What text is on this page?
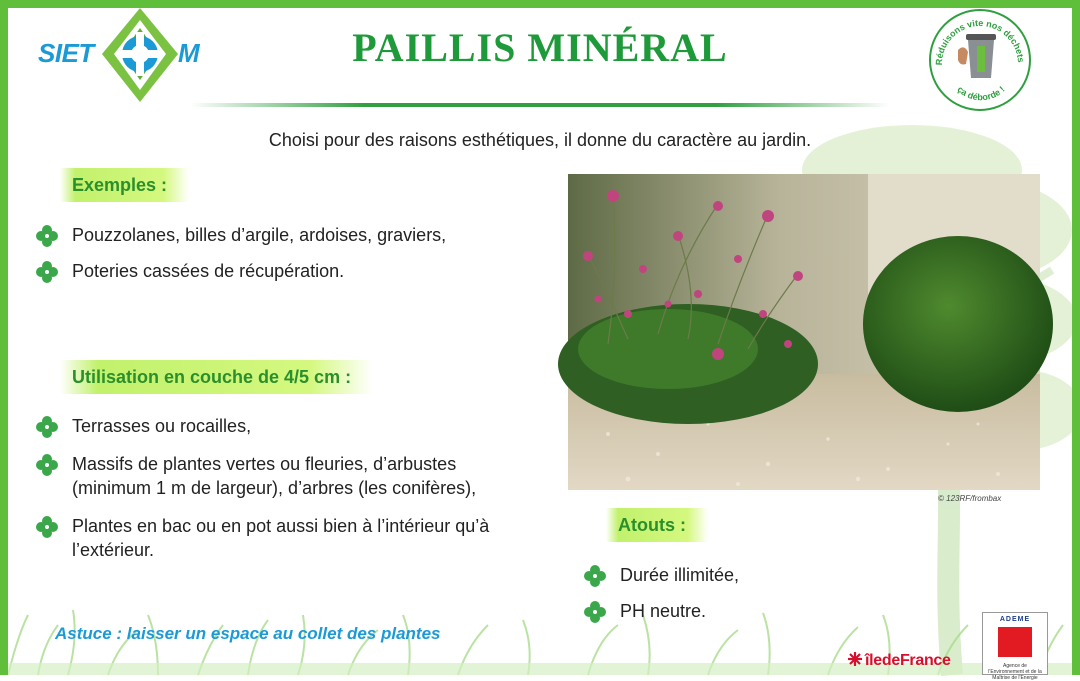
SIET	M	PAILLIS MINÉRAL	Réduisons vite nos déchets
ça déborde !
Choisi pour des raisons esthétiques, il donne du caractère au jardin.
Exemples :
Pouzzolanes, billes d’argile, ardoises, graviers,
Poteries cassées de récupération.
Utilisation en couche de 4/5 cm :
Terrasses ou rocailles,
Massifs de plantes vertes ou fleuries, d’arbustes
(minimum 1 m de largeur), d’arbres (les conifères),
Plantes en bac ou en pot aussi bien à l’intérieur qu’à
l’extérieur.
© 123RF/frombax
Atouts :
Durée illimitée,
PH neutre.
Astuce : laisser un espace au collet des plantes
îledeFrance
ADEME
Agence de l'Environnement et de la Maîtrise de l'Energie
